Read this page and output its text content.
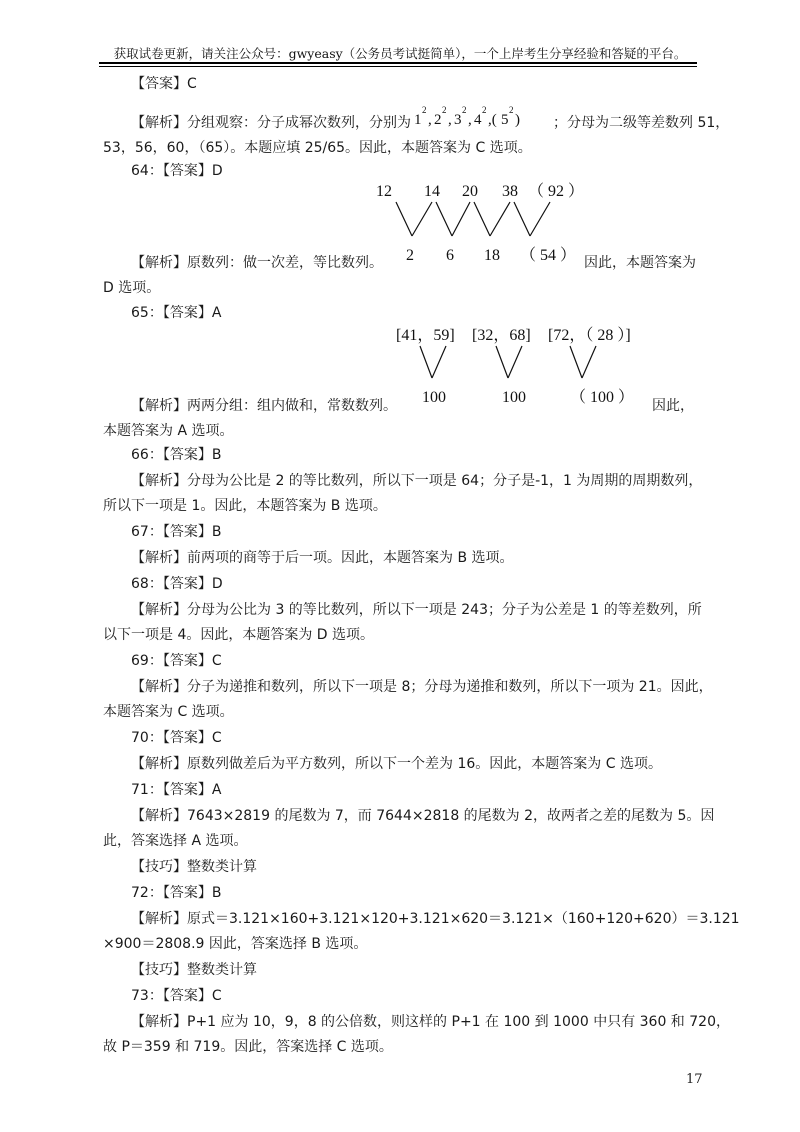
获取试卷更新，请关注公众号：gwyeasy（公务员考试挺简单），一个上岸考生分享经验和答疑的平台。
【答案】C
【解析】分组观察：分子成幂次数列，分别为 1
2
, 2
2
, 3
2
, 4
2
,( 5
2
) ；分母为二级等差数列 51，
53，56，60，（65）。本题应填 25/65。因此，本题答案为 C 选项。
64：【答案】D
12 14 20 38 （ 92 ）
2 6 18 （ 54 ）
【解析】原数列：做一次差，等比数列。	因此，本题答案为
D 选项。
65：【答案】A
[41，59] [32，68] [72，（ 28 ）]
100	100	（ 100 ）
【解析】两两分组：组内做和，常数数列。	因此，
本题答案为 A 选项。
66：【答案】B
【解析】分母为公比是 2 的等比数列，所以下一项是 64；分子是-1，1 为周期的周期数列，
所以下一项是 1。因此，本题答案为 B 选项。
67：【答案】B
【解析】前两项的商等于后一项。因此，本题答案为 B 选项。
68：【答案】D
【解析】分母为公比为 3 的等比数列，所以下一项是 243；分子为公差是 1 的等差数列，所
以下一项是 4。因此，本题答案为 D 选项。
69：【答案】C
【解析】分子为递推和数列，所以下一项是 8；分母为递推和数列，所以下一项为 21。因此，
本题答案为 C 选项。
70：【答案】C
【解析】原数列做差后为平方数列，所以下一个差为 16。因此，本题答案为 C 选项。
71：【答案】A
【解析】7643×2819 的尾数为 7，而 7644×2818 的尾数为 2，故两者之差的尾数为 5。因
此，答案选择 A 选项。
【技巧】整数类计算
72：【答案】B
【解析】原式＝3.121×160+3.121×120+3.121×620＝3.121×（160+120+620）＝3.121
×900＝2808.9 因此，答案选择 B 选项。
【技巧】整数类计算
73：【答案】C
【解析】P+1 应为 10，9，8 的公倍数，则这样的 P+1 在 100 到 1000 中只有 360 和 720，
故 P＝359 和 719。因此，答案选择 C 选项。
17
